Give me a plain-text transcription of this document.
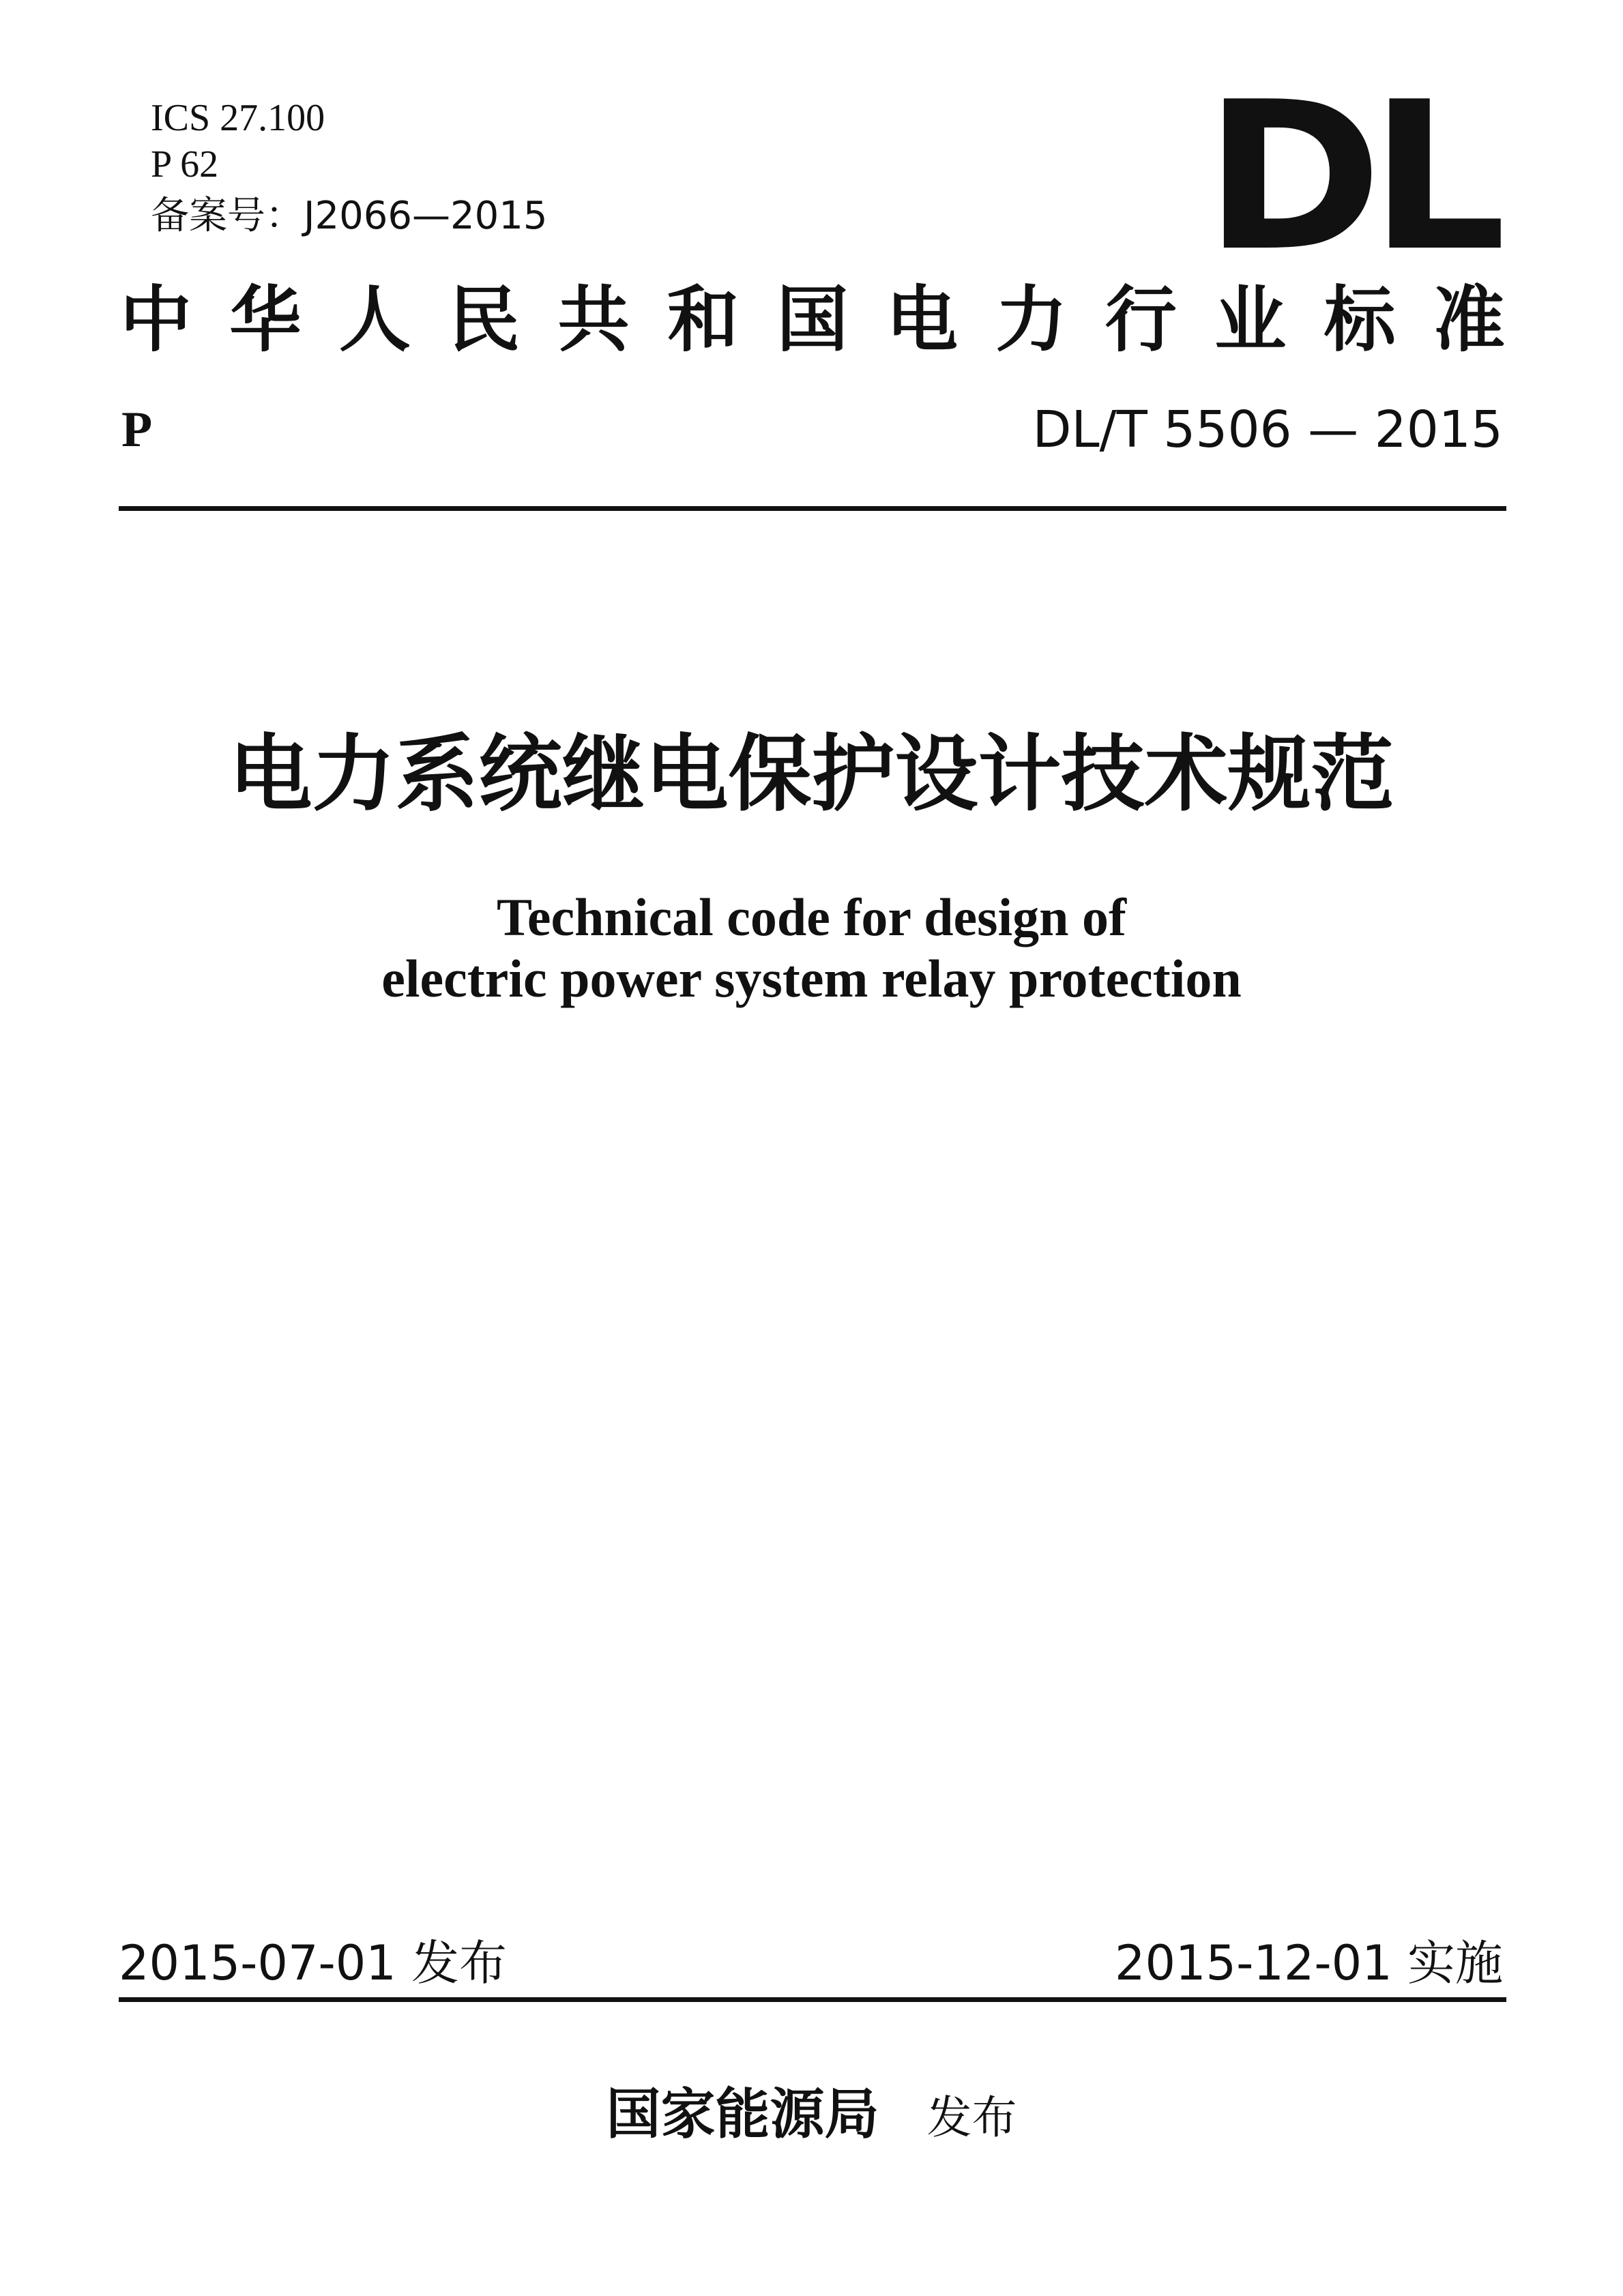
ICS 27.100
P 62
备案号：J2066—2015	DL
中华人民共和国电力行业标准
P	DL/T 5506 — 2015
电力系统继电保护设计技术规范
Technical code for design of
electric power system relay protection
2015-07-01 发布	2015-12-01 实施
国家能源局 发布
